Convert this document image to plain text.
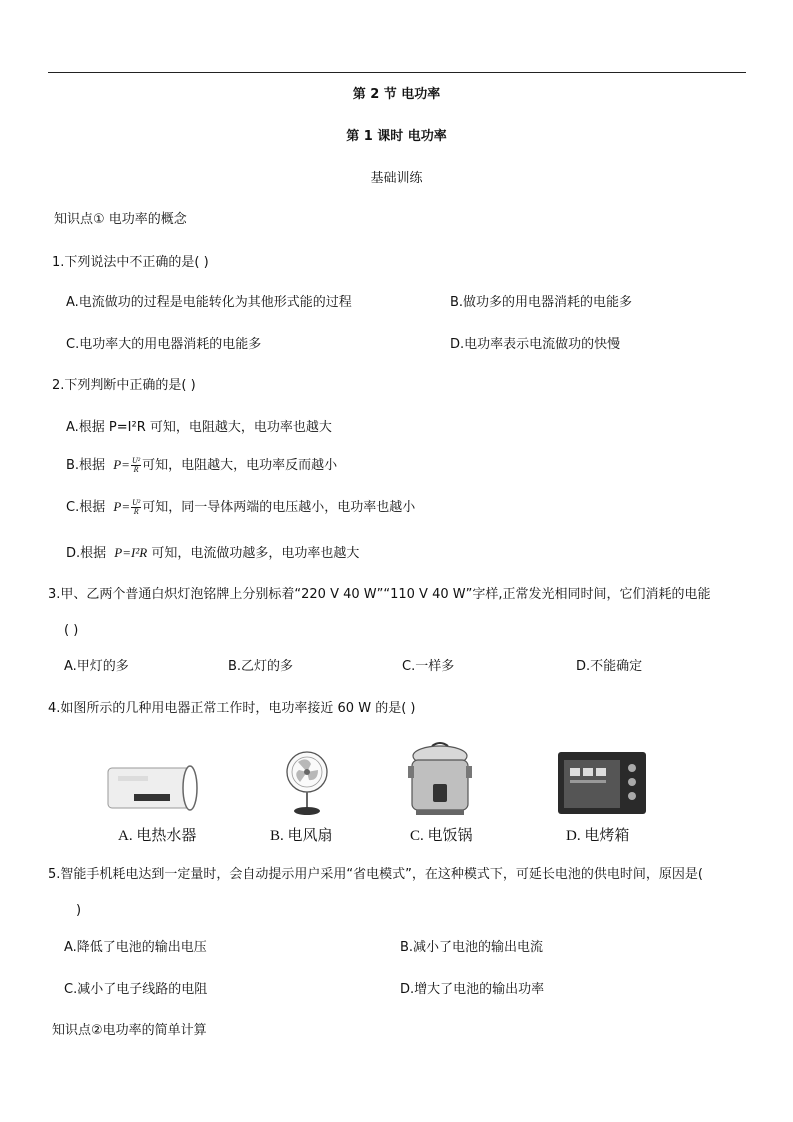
第 2 节 电功率
第 1 课时 电功率
基础训练
知识点① 电功率的概念
1.下列说法中不正确的是( )
A.电流做功的过程是电能转化为其他形式能的过程	B.做功多的用电器消耗的电能多
C.电功率大的用电器消耗的电能多	D.电功率表示电流做功的快慢
2.下列判断中正确的是( )
A.根据 P=I²R 可知，电阻越大，电功率也越大
B.根据 $P= \frac{\text{U²}}{R}$ 可知，电阻越大，电功率反而越小
C.根据 $P= \frac{\text{U²}}{R}$ 可知，同一导体两端的电压越小，电功率也越小
D.根据 P=I²R 可知，电流做功越多，电功率也越大
3.甲、乙两个普通白炽灯泡铭牌上分别标着“220 V 40 W”“110 V 40 W”字样,正常发光相同时间，它们消耗的电能
( )
A.甲灯的多	B.乙灯的多	C.一样多	D.不能确定
4.如图所示的几种用电器正常工作时，电功率接近 60 W 的是( )
A. 电热水器	B. 电风扇	C. 电饭锅	D. 电烤箱
5.智能手机耗电达到一定量时，会自动提示用户采用“省电模式”，在这种模式下，可延长电池的供电时间，原因是(
)
A.降低了电池的输出电压	B.减小了电池的输出电流
C.减小了电子线路的电阻	D.增大了电池的输出功率
知识点②电功率的简单计算
